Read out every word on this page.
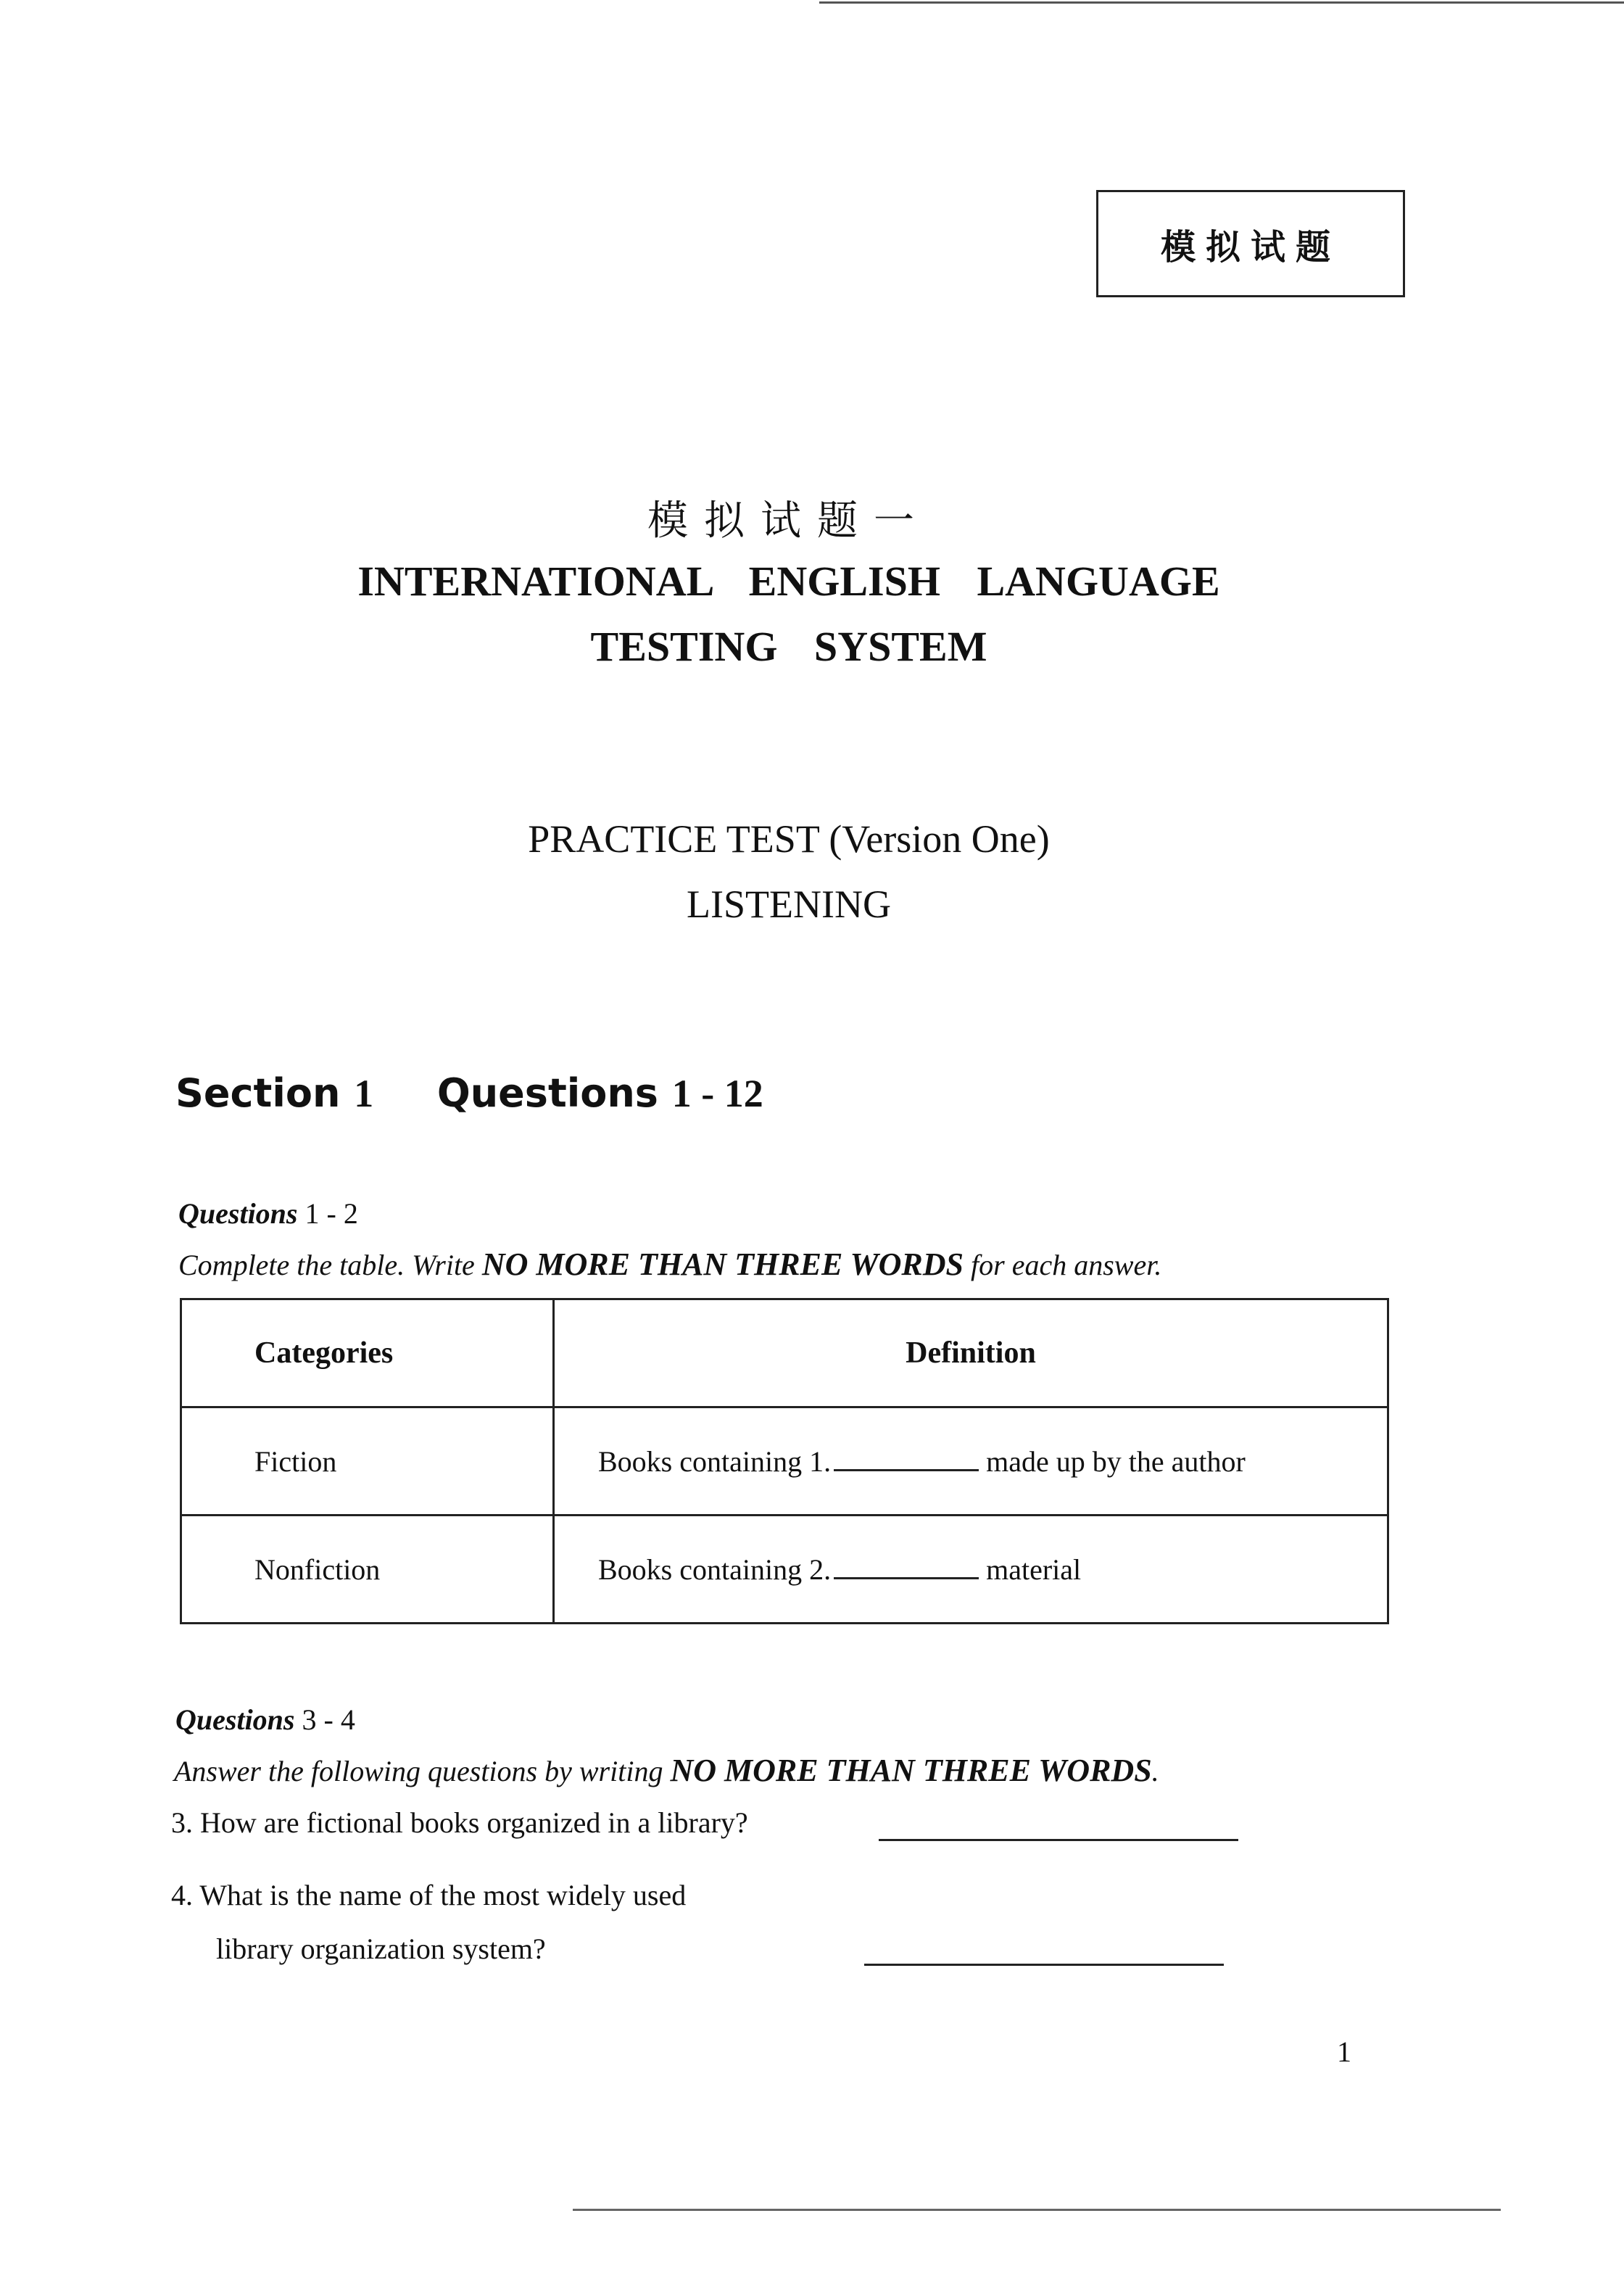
模拟试题
模拟试题一
INTERNATIONAL ENGLISH LANGUAGE
TESTING SYSTEM
PRACTICE TEST (Version One)
LISTENING
Section 1 Questions 1 - 12
Questions 1 - 2
Complete the table. Write NO MORE THAN THREE WORDS for each answer.
Categories	Definition
Fiction	Books containing 1. made up by the author
Nonfiction	Books containing 2. material
Questions 3 - 4
Answer the following questions by writing NO MORE THAN THREE WORDS.
3. How are fictional books organized in a library?
4. What is the name of the most widely used
library organization system?
1
